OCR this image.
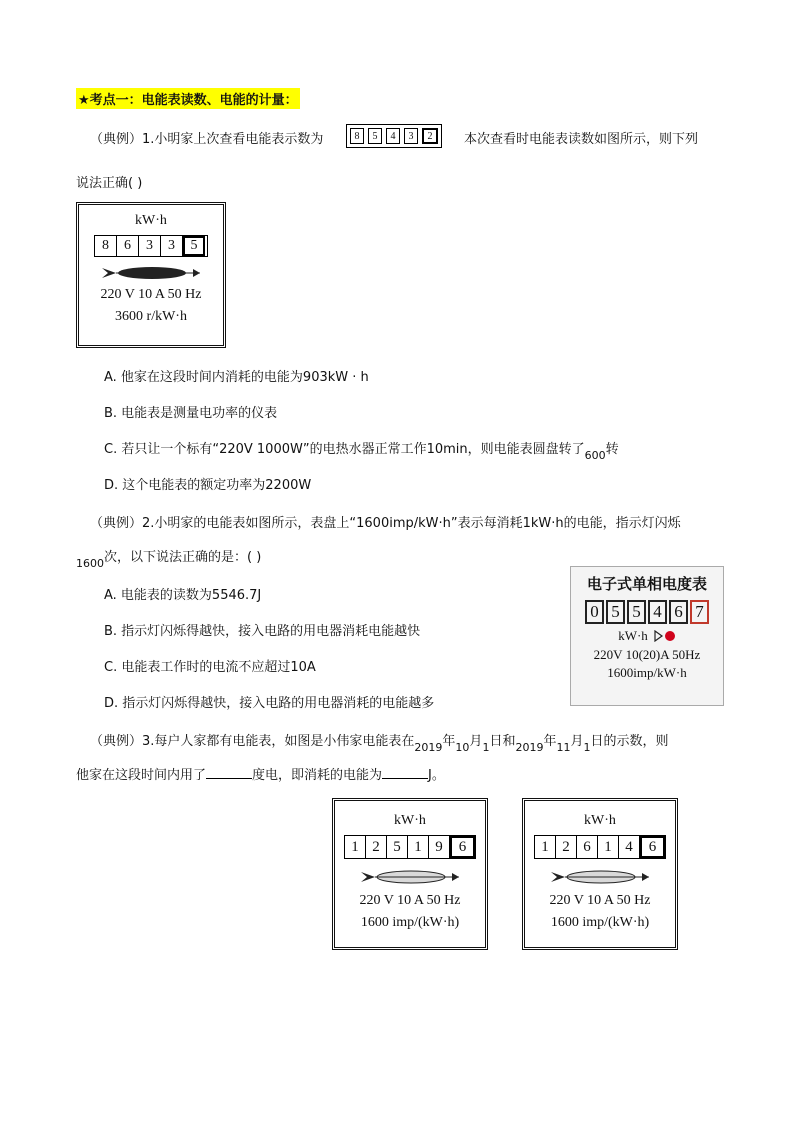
★考点一：电能表读数、电能的计量：
（典例）1.小明家上次查看电能表示数为	8	5	4	3	2	本次查看时电能表读数如图所示，则下列
说法正确( )
kW·h
8	6	3	3	5
220 V 10 A 50 Hz
3600 r/kW·h
A. 他家在这段时间内消耗的电能为903kW · h
B. 电能表是测量电功率的仪表
C. 若只让一个标有“220V 1000W”的电热水器正常工作10min，则电能表圆盘转了$_{600}$转
D. 这个电能表的额定功率为2200W
（典例）2.小明家的电能表如图所示，表盘上“1600imp/kW·h”表示每消耗1kW·h的电能，指示灯闪烁
$_{1600}$次，以下说法正确的是：( )
电子式单相电度表
0 5 5 4 6 7
kW·h
220V 10(20)A 50Hz
1600imp/kW·h
A. 电能表的读数为5546.7J
B. 指示灯闪烁得越快，接入电路的用电器消耗电能越快
C. 电能表工作时的电流不应超过10A
D. 指示灯闪烁得越快，接入电路的用电器消耗的电能越多
（典例）3.每户人家都有电能表，如图是小伟家电能表在$_{2019}$年$_{10}$月$_1$日和$_{2019}$年$_{11}$月$_1$日的示数，则
他家在这段时间内用了	度电，即消耗的电能为	J。
kW·h
1 2 5 1 9	6
220 V 10 A 50 Hz
1600 imp/(kW·h)
kW·h
1 2 6 1 4	6
220 V 10 A 50 Hz
1600 imp/(kW·h)
